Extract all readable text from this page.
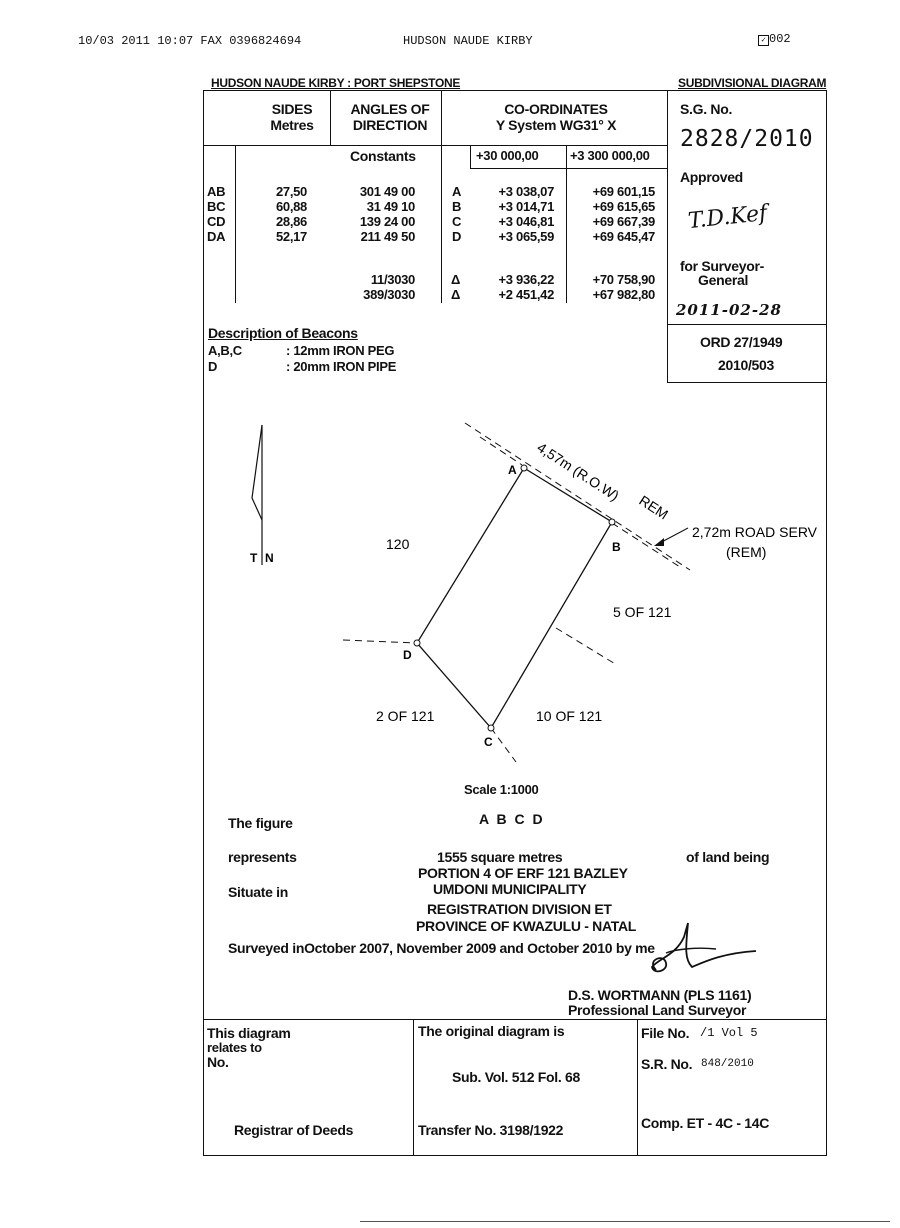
10/03 2011 10:07 FAX 0396824694	HUDSON NAUDE KIRBY	✓ 002
HUDSON NAUDE KIRBY : PORT SHEPSTONE	SUBDIVISIONAL DIAGRAM
SIDES
Metres
ANGLES OF
DIRECTION
CO-ORDINATES
Y System WG31° X
Constants	+30 000,00 +3 300 000,00
AB	27,50	301 49 00	A	+3 038,07	+69 601,15
BC	60,88	31 49 10	B	+3 014,71	+69 615,65
CD	28,86	139 24 00	C	+3 046,81	+69 667,39
DA	52,17	211 49 50	D	+3 065,59	+69 645,47
11/3030	Δ	+3 936,22	+70 758,90
389/3030	Δ	+2 451,42	+67 982,80
S.G. No.
2828/2010
Approved
T.D.Kef
for Surveyor-
General
2011-02-28
ORD 27/1949
2010/503
Description of Beacons
A,B,C	: 12mm IRON PEG
D	: 20mm IRON PIPE
T N
A
B
C
D
120
4,57m (R.O.W)
REM
2,72m ROAD SERV
(REM)
5 OF 121
2 OF 121	10 OF 121
Scale 1:1000
The figure	A B C D
represents	1555 square metres	of land being
PORTION 4 OF ERF 121 BAZLEY
Situate in	UMDONI MUNICIPALITY
REGISTRATION DIVISION ET
PROVINCE OF KWAZULU - NATAL
Surveyed inOctober 2007, November 2009 and October 2010 by me
D.S. WORTMANN (PLS 1161)
Professional Land Surveyor
This diagram
relates to
No.
Registrar of Deeds
The original diagram is
Sub. Vol. 512 Fol. 68
Transfer No. 3198/1922
File No. /1 Vol 5
S.R. No. 848/2010
Comp. ET - 4C - 14C
